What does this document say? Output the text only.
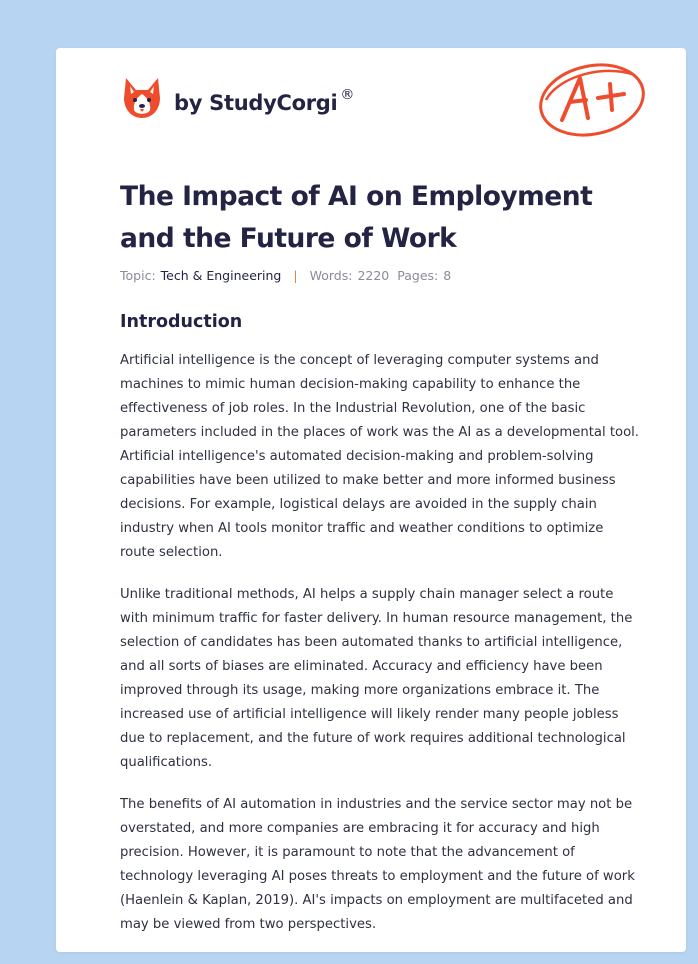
by StudyCorgi ®
The Impact of AI on Employment and the Future of Work
Topic: Tech & Engineering | Words: 2220 Pages: 8
Introduction

Artificial intelligence is the concept of leveraging computer systems and machines to mimic human decision-making capability to enhance the effectiveness of job roles. In the Industrial Revolution, one of the basic parameters included in the places of work was the AI as a developmental tool. Artificial intelligence's automated decision-making and problem-solving capabilities have been utilized to make better and more informed business decisions. For example, logistical delays are avoided in the supply chain industry when AI tools monitor traffic and weather conditions to optimize route selection.

Unlike traditional methods, AI helps a supply chain manager select a route with minimum traffic for faster delivery. In human resource management, the selection of candidates has been automated thanks to artificial intelligence, and all sorts of biases are eliminated. Accuracy and efficiency have been improved through its usage, making more organizations embrace it. The increased use of artificial intelligence will likely render many people jobless due to replacement, and the future of work requires additional technological qualifications.

The benefits of AI automation in industries and the service sector may not be overstated, and more companies are embracing it for accuracy and high precision. However, it is paramount to note that the advancement of technology leveraging AI poses threats to employment and the future of work (Haenlein & Kaplan, 2019). AI's impacts on employment are multifaceted and may be viewed from two perspectives.
